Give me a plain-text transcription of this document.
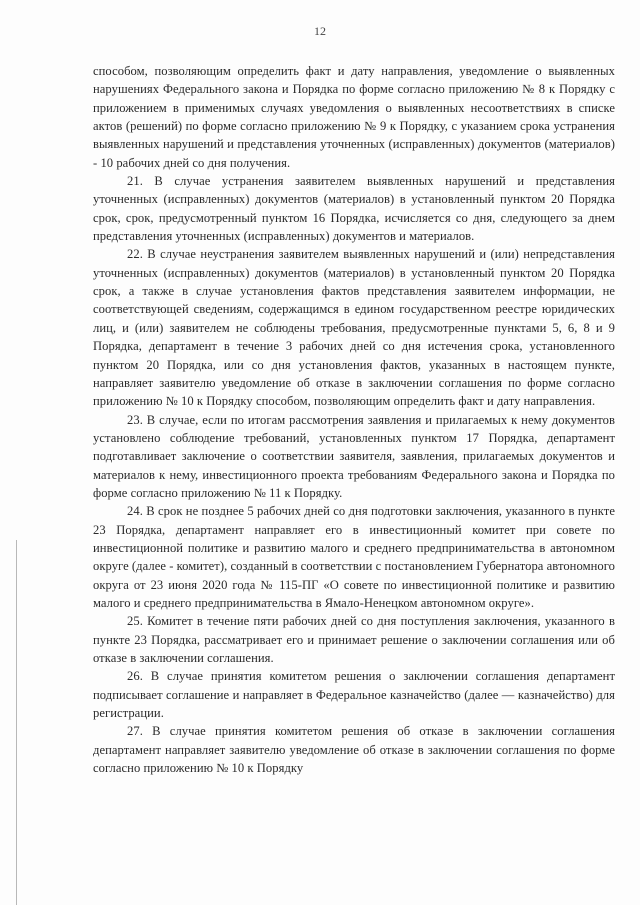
12

способом, позволяющим определить факт и дату направления, уведомление о выявленных нарушениях Федерального закона и Порядка по форме согласно приложению № 8 к Порядку с приложением в применимых случаях уведомления о выявленных несоответствиях в списке актов (решений) по форме согласно приложению № 9 к Порядку, с указанием срока устранения выявленных нарушений и представления уточненных (исправленных) документов (материалов) - 10 рабочих дней со дня получения.

21. В случае устранения заявителем выявленных нарушений и представления уточненных (исправленных) документов (материалов) в установленный пунктом 20 Порядка срок, срок, предусмотренный пунктом 16 Порядка, исчисляется со дня, следующего за днем представления уточненных (исправленных) документов и материалов.

22. В случае неустранения заявителем выявленных нарушений и (или) непредставления уточненных (исправленных) документов (материалов) в установленный пунктом 20 Порядка срок, а также в случае установления фактов представления заявителем информации, не соответствующей сведениям, содержащимся в едином государственном реестре юридических лиц, и (или) заявителем не соблюдены требования, предусмотренные пунктами 5, 6, 8 и 9 Порядка, департамент в течение 3 рабочих дней со дня истечения срока, установленного пунктом 20 Порядка, или со дня установления фактов, указанных в настоящем пункте, направляет заявителю уведомление об отказе в заключении соглашения по форме согласно приложению № 10 к Порядку способом, позволяющим определить факт и дату направления.

23. В случае, если по итогам рассмотрения заявления и прилагаемых к нему документов установлено соблюдение требований, установленных пунктом 17 Порядка, департамент подготавливает заключение о соответствии заявителя, заявления, прилагаемых документов и материалов к нему, инвестиционного проекта требованиям Федерального закона и Порядка по форме согласно приложению № 11 к Порядку.

24. В срок не позднее 5 рабочих дней со дня подготовки заключения, указанного в пункте 23 Порядка, департамент направляет его в инвестиционный комитет при совете по инвестиционной политике и развитию малого и среднего предпринимательства в автономном округе (далее - комитет), созданный в соответствии с постановлением Губернатора автономного округа от 23 июня 2020 года № 115-ПГ «О совете по инвестиционной политике и развитию малого и среднего предпринимательства в Ямало-Ненецком автономном округе».

25. Комитет в течение пяти рабочих дней со дня поступления заключения, указанного в пункте 23 Порядка, рассматривает его и принимает решение о заключении соглашения или об отказе в заключении соглашения.

26. В случае принятия комитетом решения о заключении соглашения департамент подписывает соглашение и направляет в Федеральное казначейство (далее — казначейство) для регистрации.

27. В случае принятия комитетом решения об отказе в заключении соглашения департамент направляет заявителю уведомление об отказе в заключении соглашения по форме согласно приложению № 10 к Порядку
